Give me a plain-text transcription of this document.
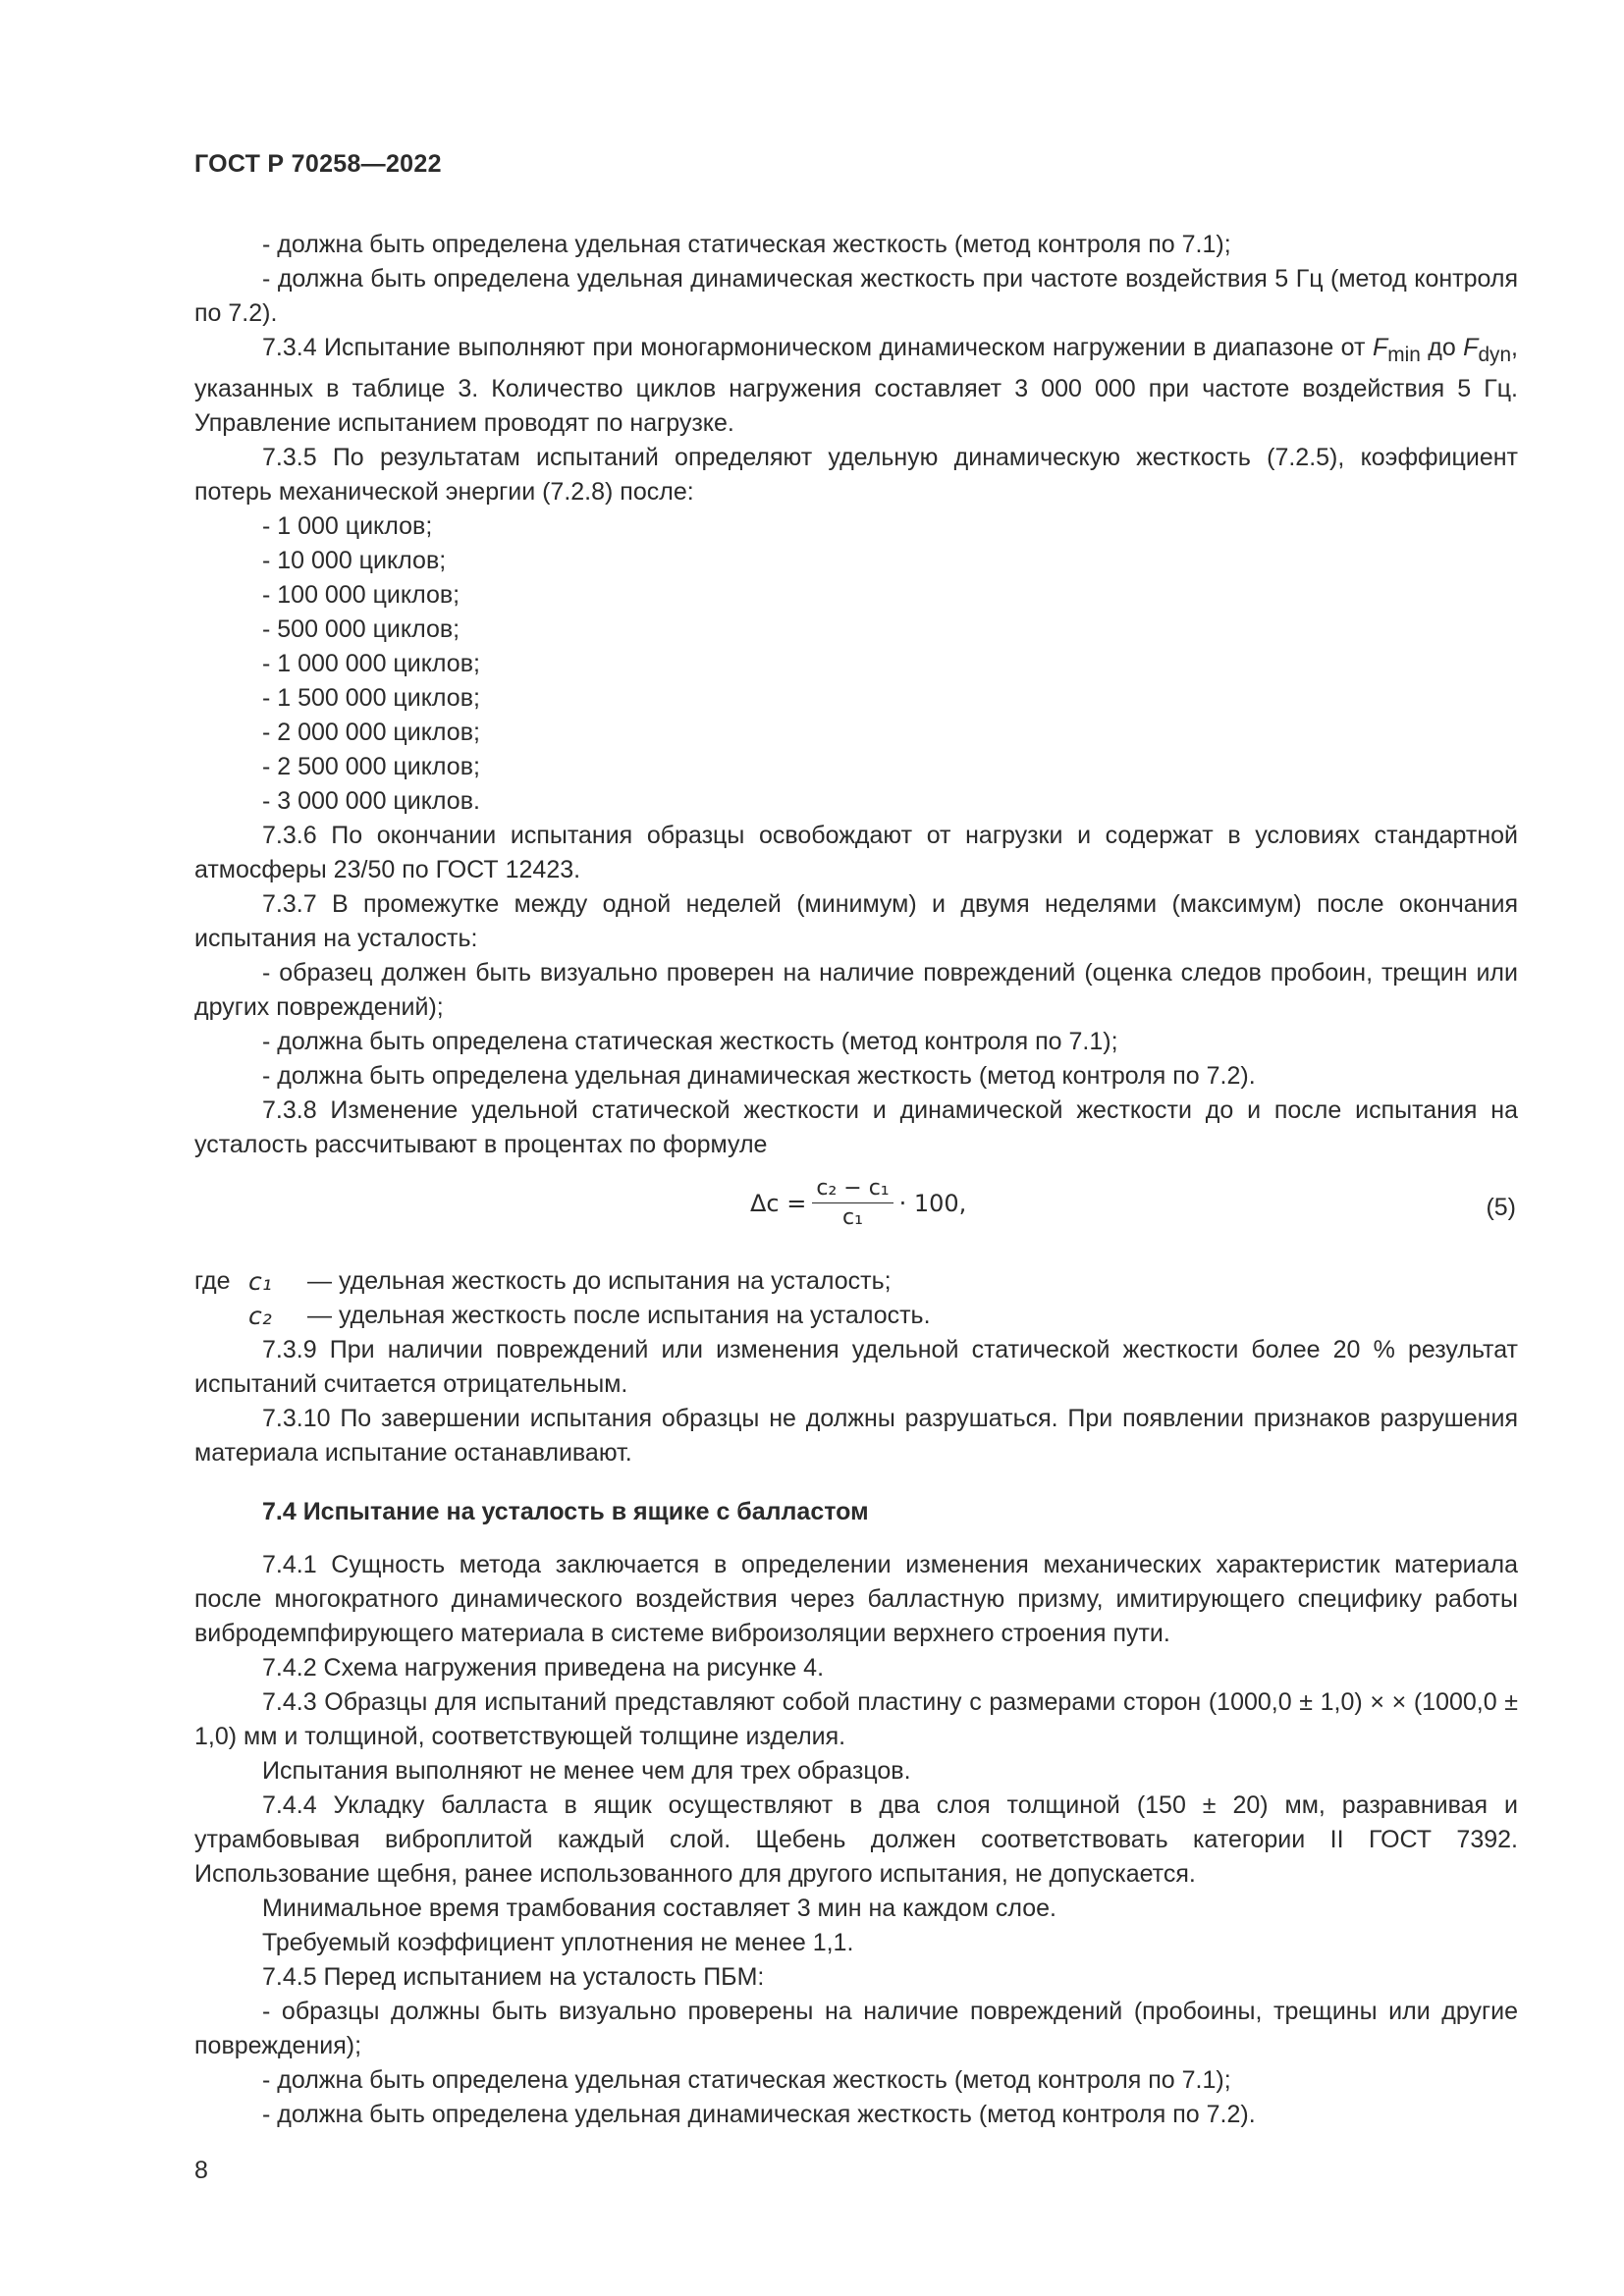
ГОСТ Р 70258—2022

- должна быть определена удельная статическая жесткость (метод контроля по 7.1);

- должна быть определена удельная динамическая жесткость при частоте воздействия 5 Гц (метод контроля по 7.2).

7.3.4 Испытание выполняют при моногармоническом динамическом нагружении в диапазоне от $F_{min}$ до $F_{dyn}$, указанных в таблице 3. Количество циклов нагружения составляет 3 000 000 при частоте воздействия 5 Гц. Управление испытанием проводят по нагрузке.

7.3.5 По результатам испытаний определяют удельную динамическую жесткость (7.2.5), коэффициент потерь механической энергии (7.2.8) после:

- 1 000 циклов;
- 10 000 циклов;
- 100 000 циклов;
- 500 000 циклов;
- 1 000 000 циклов;
- 1 500 000 циклов;
- 2 000 000 циклов;
- 2 500 000 циклов;
- 3 000 000 циклов.

7.3.6 По окончании испытания образцы освобождают от нагрузки и содержат в условиях стандартной атмосферы 23/50 по ГОСТ 12423.

7.3.7 В промежутке между одной неделей (минимум) и двумя неделями (максимум) после окончания испытания на усталость:

- образец должен быть визуально проверен на наличие повреждений (оценка следов пробоин, трещин или других повреждений);

- должна быть определена статическая жесткость (метод контроля по 7.1);

- должна быть определена удельная динамическая жесткость (метод контроля по 7.2).

7.3.8 Изменение удельной статической жесткости и динамической жесткости до и после испытания на усталость рассчитывают в процентах по формуле

$\Delta c = \frac{\text{c₂ − c₁}}{\text{c₁}} \cdot 100$,	(5)
где c₁	— удельная жесткость до испытания на усталость;
c₂	— удельная жесткость после испытания на усталость.

7.3.9 При наличии повреждений или изменения удельной статической жесткости более 20 % результат испытаний считается отрицательным.

7.3.10 По завершении испытания образцы не должны разрушаться. При появлении признаков разрушения материала испытание останавливают.

7.4 Испытание на усталость в ящике с балластом

7.4.1 Сущность метода заключается в определении изменения механических характеристик материала после многократного динамического воздействия через балластную призму, имитирующего специфику работы вибродемпфирующего материала в системе виброизоляции верхнего строения пути.

7.4.2 Схема нагружения приведена на рисунке 4.

7.4.3 Образцы для испытаний представляют собой пластину с размерами сторон (1000,0 ± 1,0) × × (1000,0 ± 1,0) мм и толщиной, соответствующей толщине изделия.

Испытания выполняют не менее чем для трех образцов.

7.4.4 Укладку балласта в ящик осуществляют в два слоя толщиной (150 ± 20) мм, разравнивая и утрамбовывая виброплитой каждый слой. Щебень должен соответствовать категории II ГОСТ 7392. Использование щебня, ранее использованного для другого испытания, не допускается.

Минимальное время трамбования составляет 3 мин на каждом слое.

Требуемый коэффициент уплотнения не менее 1,1.

7.4.5 Перед испытанием на усталость ПБМ:

- образцы должны быть визуально проверены на наличие повреждений (пробоины, трещины или другие повреждения);

- должна быть определена удельная статическая жесткость (метод контроля по 7.1);

- должна быть определена удельная динамическая жесткость (метод контроля по 7.2).

8
